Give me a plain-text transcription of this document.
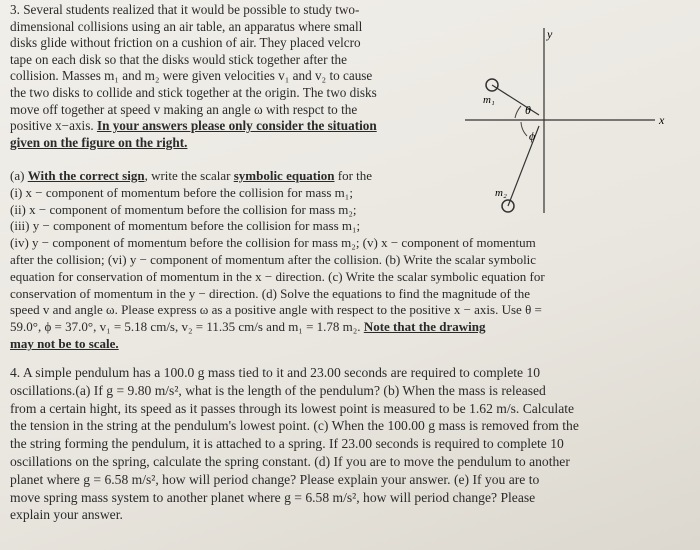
3. Several students realized that it would be possible to study two-
dimensional collisions using an air table, an apparatus where small
disks glide without friction on a cushion of air. They placed velcro
tape on each disk so that the disks would stick together after the
collision. Masses m₁ and m₂ were given velocities v₁ and v₂ to cause
the two disks to collide and stick together at the origin. The two disks
move off together at speed v making an angle ω with respct to the
positive x−axis. In your answers please only consider the situation
given on the figure on the right.
(a) With the correct sign, write the scalar symbolic equation for the
(i) x − component of momentum before the collision for mass m₁;
(ii) x − component of momentum before the collision for mass m₂;
(iii) y − component of momentum before the collision for mass m₁;
(iv) y − component of momentum before the collision for mass m₂; (v) x − component of momentum
after the collision; (vi) y − component of momentum after the collision. (b) Write the scalar symbolic
equation for conservation of momentum in the x − direction. (c) Write the scalar symbolic equation for
conservation of momentum in the y − direction. (d) Solve the equations to find the magnitude of the
speed v and angle ω. Please express ω as a positive angle with respect to the positive x − axis. Use θ =
59.0°, ϕ = 37.0°, v₁ = 5.18 cm/s, v₂ = 11.35 cm/s and m₁ = 1.78 m₂. Note that the drawing
may not be to scale.
4. A simple pendulum has a 100.0 g mass tied to it and 23.00 seconds are required to complete 10
oscillations.(a) If g = 9.80 m/s², what is the length of the pendulum? (b) When the mass is released
from a certain hight, its speed as it passes through its lowest point is measured to be 1.62 m/s. Calculate
the tension in the string at the pendulum's lowest point. (c) When the 100.00 g mass is removed from the
the string forming the pendulum, it is attached to a spring. If 23.00 seconds is required to complete 10
oscillations on the spring, calculate the spring constant. (d) If you are to move the pendulum to another
planet where g = 6.58 m/s², how will period change? Please explain your answer. (e) If you are to
move spring mass system to another planet where g = 6.58 m/s², how will period change? Please
explain your answer.
θ
ϕ
m₁
m₂
x
y
